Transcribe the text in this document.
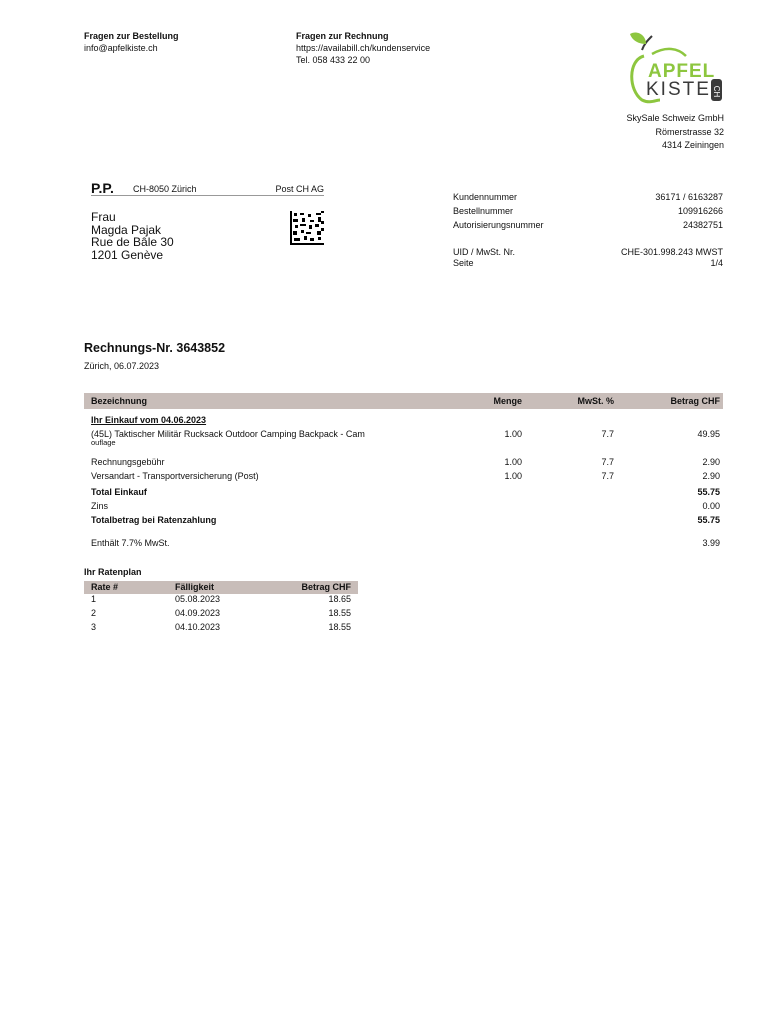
Fragen zur Bestellung
info@apfelkiste.ch
Fragen zur Rechnung
https://availabill.ch/kundenservice
Tel. 058 433 22 00
APFEL
KISTE CH
SkySale Schweiz GmbH
Römerstrasse 32
4314 Zeiningen
P.P. CH-8050 Zürich	Post CH AG
Frau
Magda Pajak
Rue de Bâle 30
1201 Genève
Kundennummer	36171 / 6163287
Bestellnummer	109916266
Autorisierungsnummer	24382751
UID / MwSt. Nr.	CHE-301.998.243 MWST
Seite	1/4
Rechnungs-Nr. 3643852
Zürich, 06.07.2023
Bezeichnung	Menge	MwSt. %	Betrag CHF
Ihr Einkauf vom 04.06.2023
(45L) Taktischer Militär Rucksack Outdoor Camping Backpack - Cam
ouflage
1.00	7.7	49.95
Rechnungsgebühr	1.00	7.7	2.90
Versandart - Transportversicherung (Post)	1.00	7.7	2.90
Total Einkauf	55.75
Zins	0.00
Totalbetrag bei Ratenzahlung	55.75
Enthält 7.7% MwSt.	3.99
Ihr Ratenplan
Rate #	Fälligkeit	Betrag CHF
1	05.08.2023	18.65
2	04.09.2023	18.55
3	04.10.2023	18.55
